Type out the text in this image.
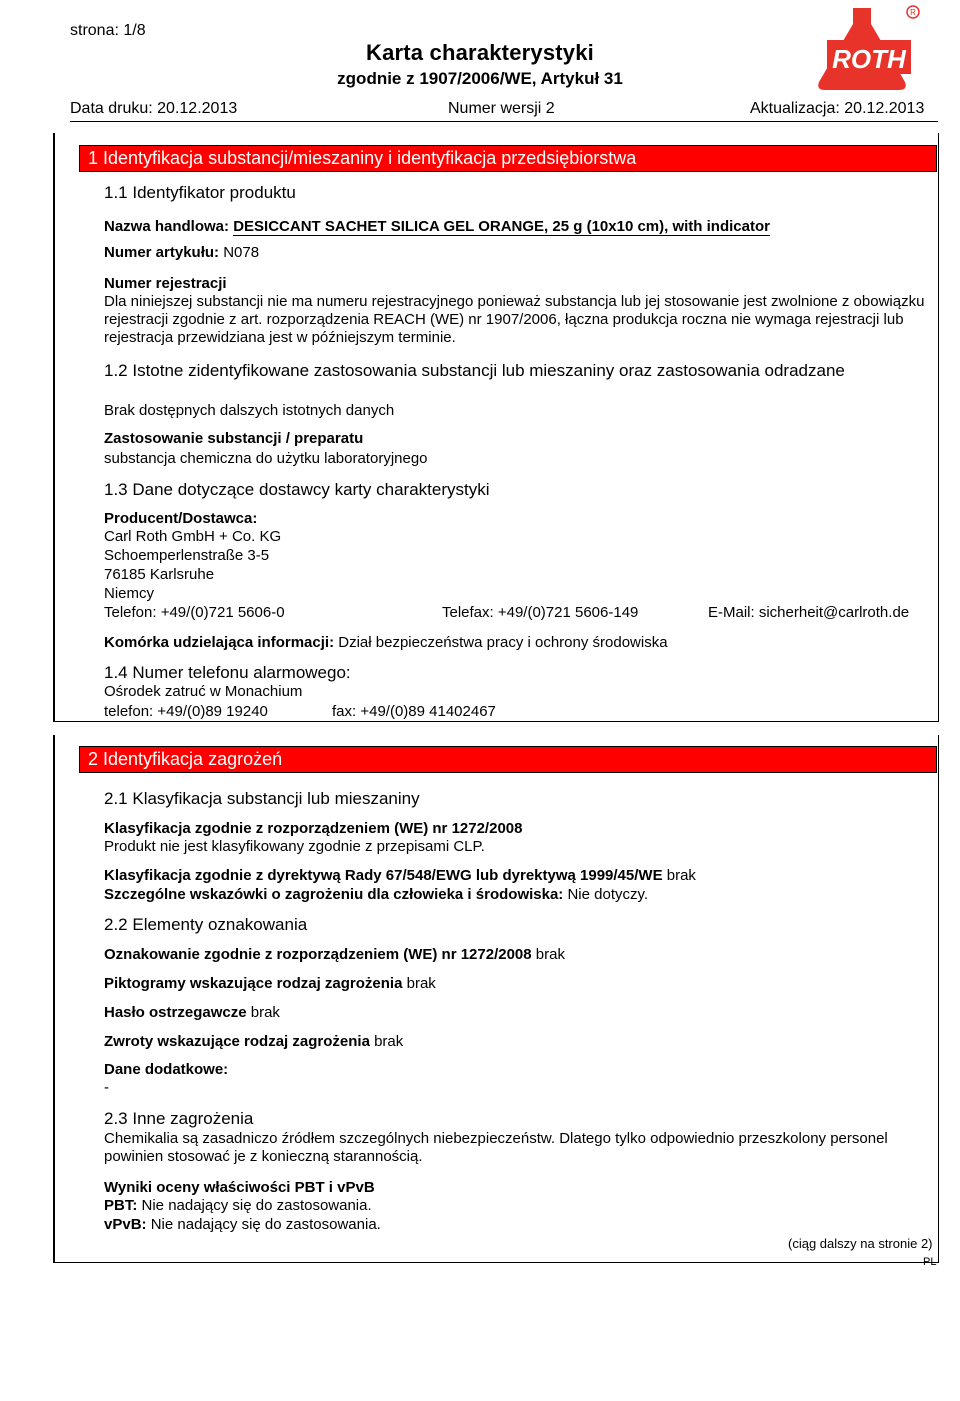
strona: 1/8
Karta charakterystyki
zgodnie z 1907/2006/WE, Artykuł 31
ROTH
R
Data druku: 20.12.2013	Numer wersji 2	Aktualizacja: 20.12.2013
1 Identyfikacja substancji/mieszaniny i identyfikacja przedsiębiorstwa
1.1 Identyfikator produktu
Nazwa handlowa: DESICCANT SACHET SILICA GEL ORANGE, 25 g (10x10 cm), with indicator
Numer artykułu: N078
Numer rejestracji
Dla niniejszej substancji nie ma numeru rejestracyjnego ponieważ substancja lub jej stosowanie jest zwolnione z obowiązku rejestracji zgodnie z art. rozporządzenia REACH (WE) nr 1907/2006, łączna produkcja roczna nie wymaga rejestracji lub rejestracja przewidziana jest w późniejszym terminie.
1.2 Istotne zidentyfikowane zastosowania substancji lub mieszaniny oraz zastosowania odradzane
Brak dostępnych dalszych istotnych danych
Zastosowanie substancji / preparatu
substancja chemiczna do użytku laboratoryjnego
1.3 Dane dotyczące dostawcy karty charakterystyki
Producent/Dostawca:
Carl Roth GmbH + Co. KG
Schoemperlenstraße 3-5
76185 Karlsruhe
Niemcy
Telefon: +49/(0)721 5606-0	Telefax: +49/(0)721 5606-149	E-Mail: sicherheit@carlroth.de
Komórka udzielająca informacji: Dział bezpieczeństwa pracy i ochrony środowiska
1.4 Numer telefonu alarmowego:
Ośrodek zatruć w Monachium
telefon: +49/(0)89 19240	fax: +49/(0)89 41402467
2 Identyfikacja zagrożeń
2.1 Klasyfikacja substancji lub mieszaniny
Klasyfikacja zgodnie z rozporządzeniem (WE) nr 1272/2008
Produkt nie jest klasyfikowany zgodnie z przepisami CLP.
Klasyfikacja zgodnie z dyrektywą Rady 67/548/EWG lub dyrektywą 1999/45/WE brak
Szczególne wskazówki o zagrożeniu dla człowieka i środowiska: Nie dotyczy.
2.2 Elementy oznakowania
Oznakowanie zgodnie z rozporządzeniem (WE) nr 1272/2008 brak
Piktogramy wskazujące rodzaj zagrożenia brak
Hasło ostrzegawcze brak
Zwroty wskazujące rodzaj zagrożenia brak
Dane dodatkowe:
-
2.3 Inne zagrożenia
Chemikalia są zasadniczo źródłem szczególnych niebezpieczeństw. Dlatego tylko odpowiednio przeszkolony personel powinien stosować je z konieczną starannością.
Wyniki oceny właściwości PBT i vPvB
PBT: Nie nadający się do zastosowania.
vPvB: Nie nadający się do zastosowania.
(ciąg dalszy na stronie 2)
PL
